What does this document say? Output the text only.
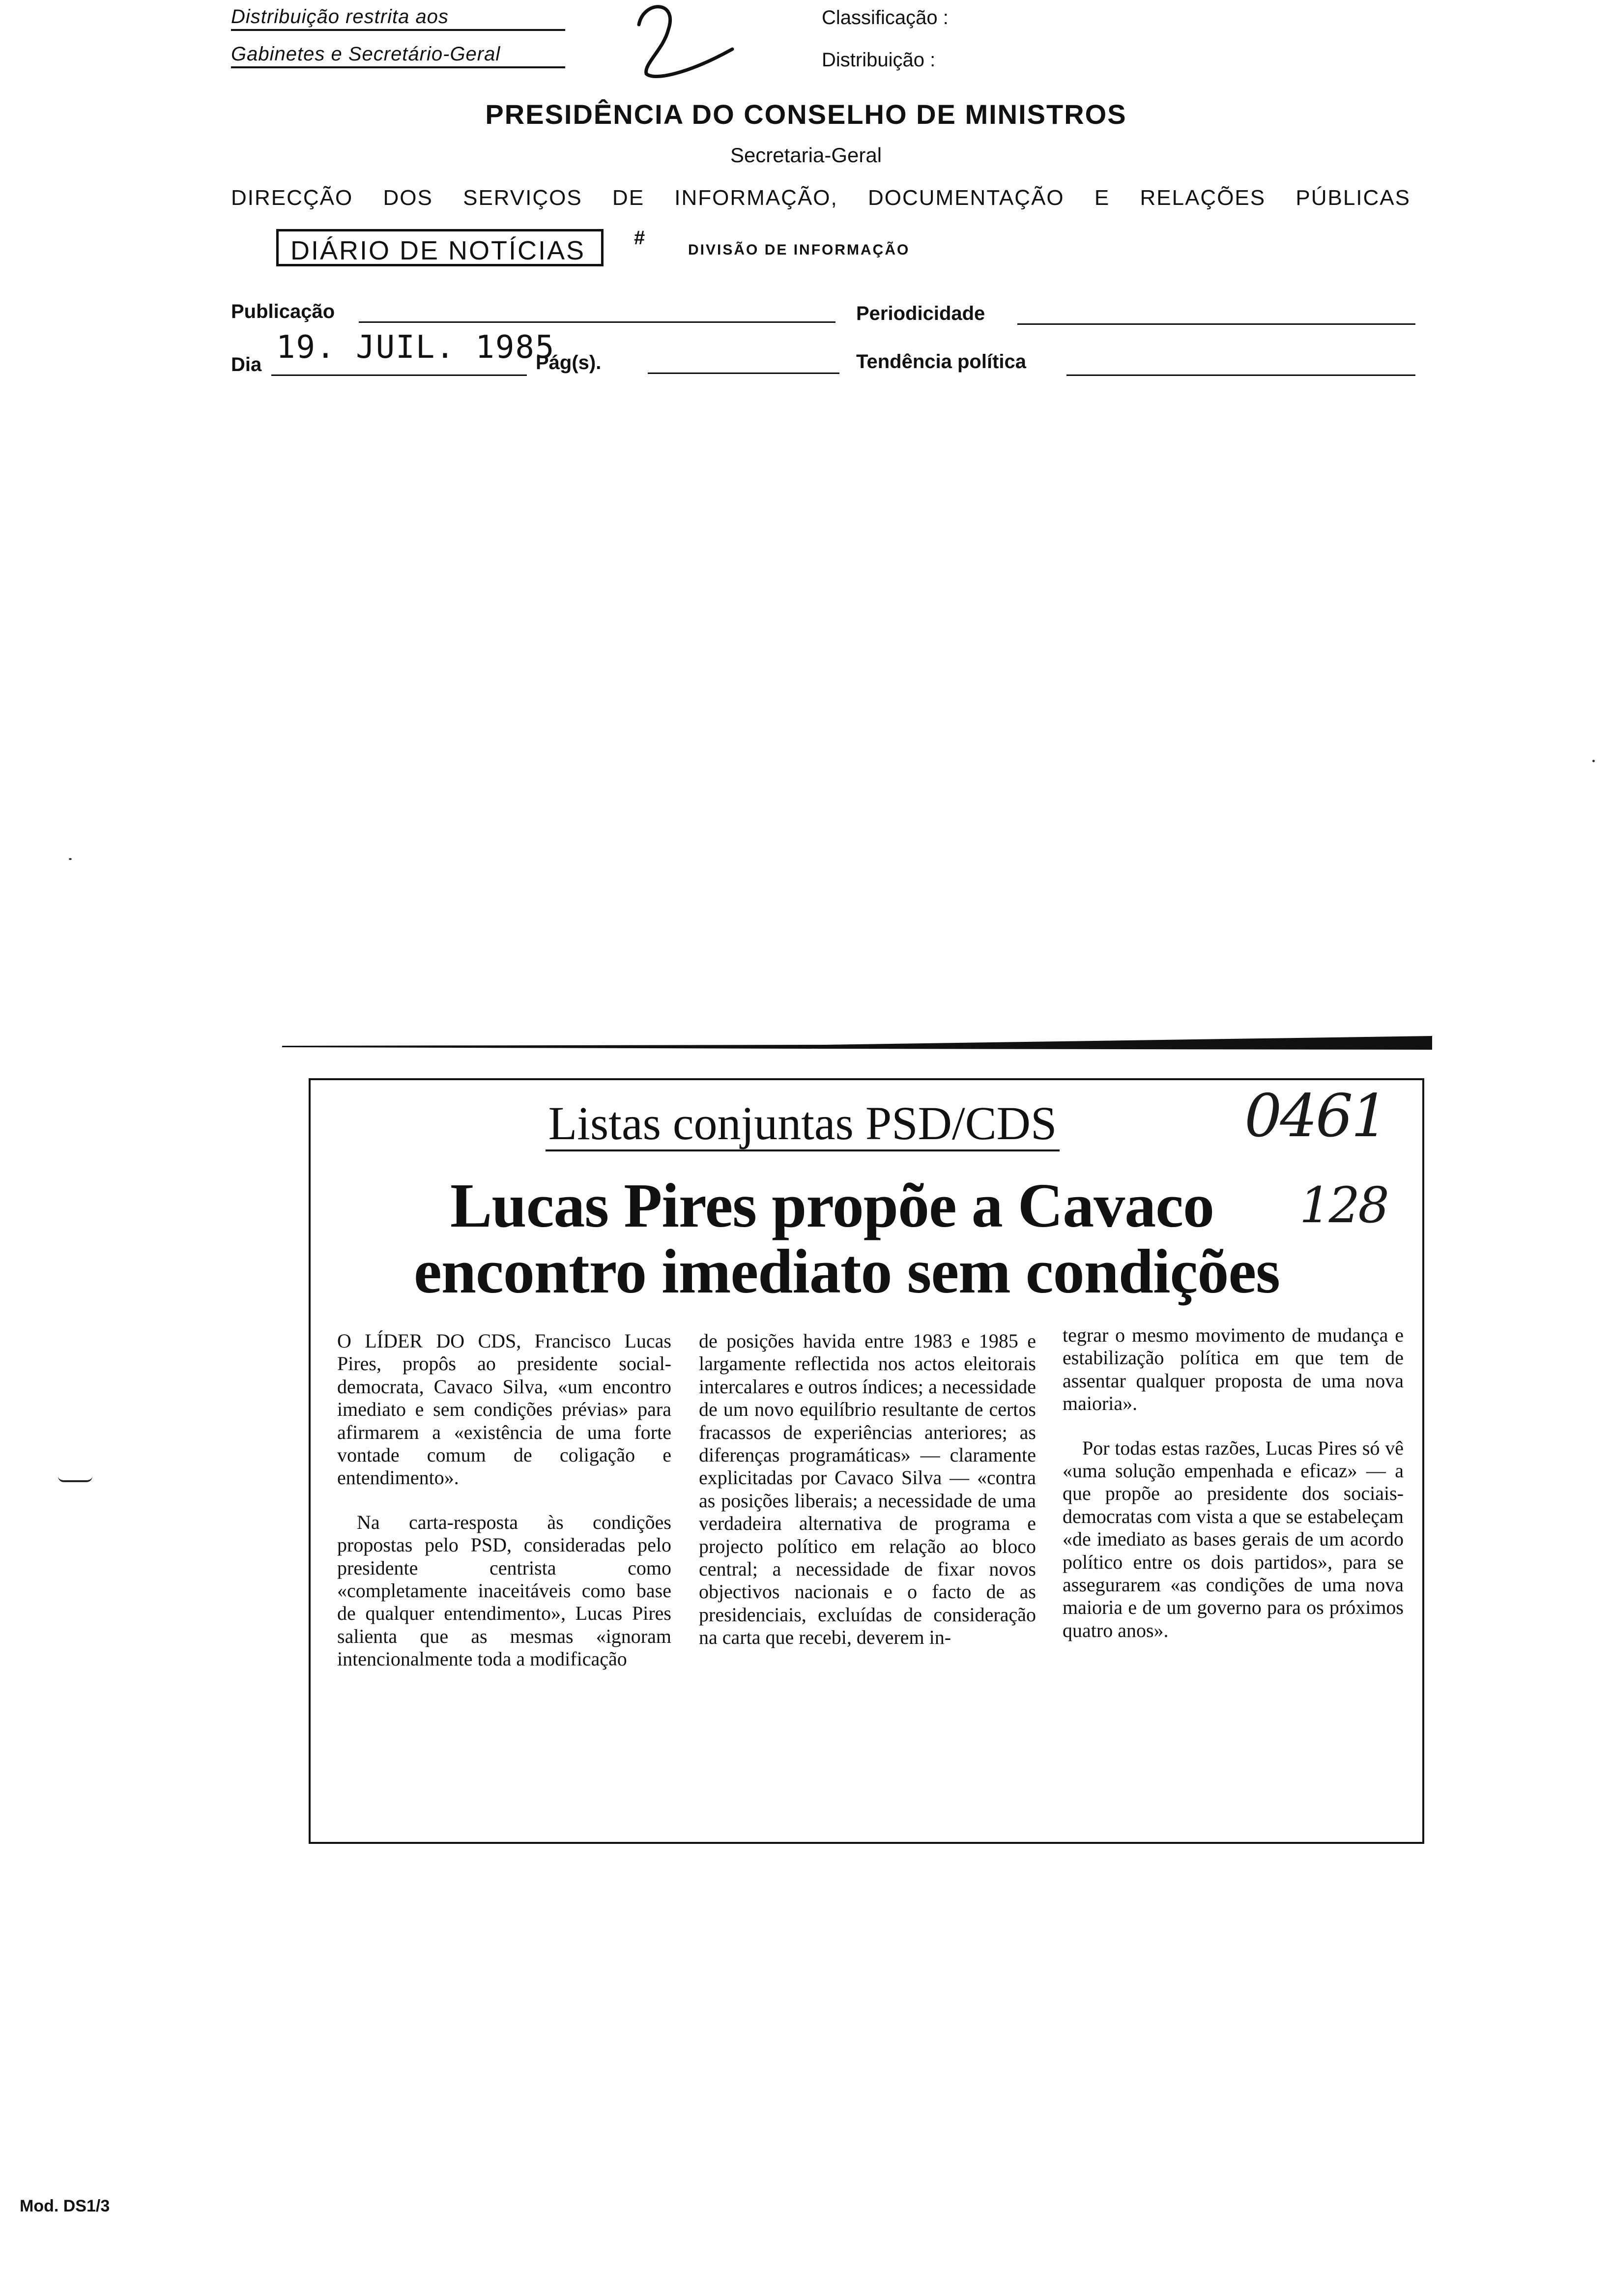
Distribuição restrita aos
Gabinetes e Secretário-Geral
Classificação :
Distribuição :
PRESIDÊNCIA DO CONSELHO DE MINISTROS
Secretaria-Geral
DIRECÇÃO DOS SERVIÇOS DE INFORMAÇÃO, DOCUMENTAÇÃO E RELAÇÕES PÚBLICAS
DIÁRIO DE NOTÍCIAS	#
DIVISÃO DE INFORMAÇÃO
Publicação	Periodicidade
Dia 19. JUIL. 1985
Pág(s).	Tendência política
Listas conjuntas PSD/CDS
Lucas Pires propõe a Cavaco
encontro imediato sem condições
0461
128

O LÍDER DO CDS, Francisco Lucas Pires, propôs ao presidente social-democrata, Cavaco Silva, «um encontro imediato e sem condições prévias» para afirmarem a «existência de uma forte vontade comum de coligação e entendimento».

Na carta-resposta às condições propostas pelo PSD, consideradas pelo presidente centrista como «completamente inaceitáveis como base de qualquer entendimento», Lucas Pires salienta que as mesmas «ignoram intencionalmente toda a modificação

de posições havida entre 1983 e 1985 e largamente reflectida nos actos eleitorais intercalares e outros índices; a necessidade de um novo equilíbrio resultante de certos fracassos de experiências anteriores; as diferenças programáticas» — claramente explicitadas por Cavaco Silva — «contra as posições liberais; a necessidade de uma verdadeira alternativa de programa e projecto político em relação ao bloco central; a necessidade de fixar novos objectivos nacionais e o facto de as presidenciais, excluídas de consideração na carta que recebi, deverem in-

tegrar o mesmo movimento de mudança e estabilização política em que tem de assentar qualquer proposta de uma nova maioria».

Por todas estas razões, Lucas Pires só vê «uma solução empenhada e eficaz» — a que propõe ao presidente dos sociais-democratas com vista a que se estabeleçam «de imediato as bases gerais de um acordo político entre os dois partidos», para se assegurarem «as condições de uma nova maioria e de um governo para os próximos quatro anos».

Mod. DS1/3
